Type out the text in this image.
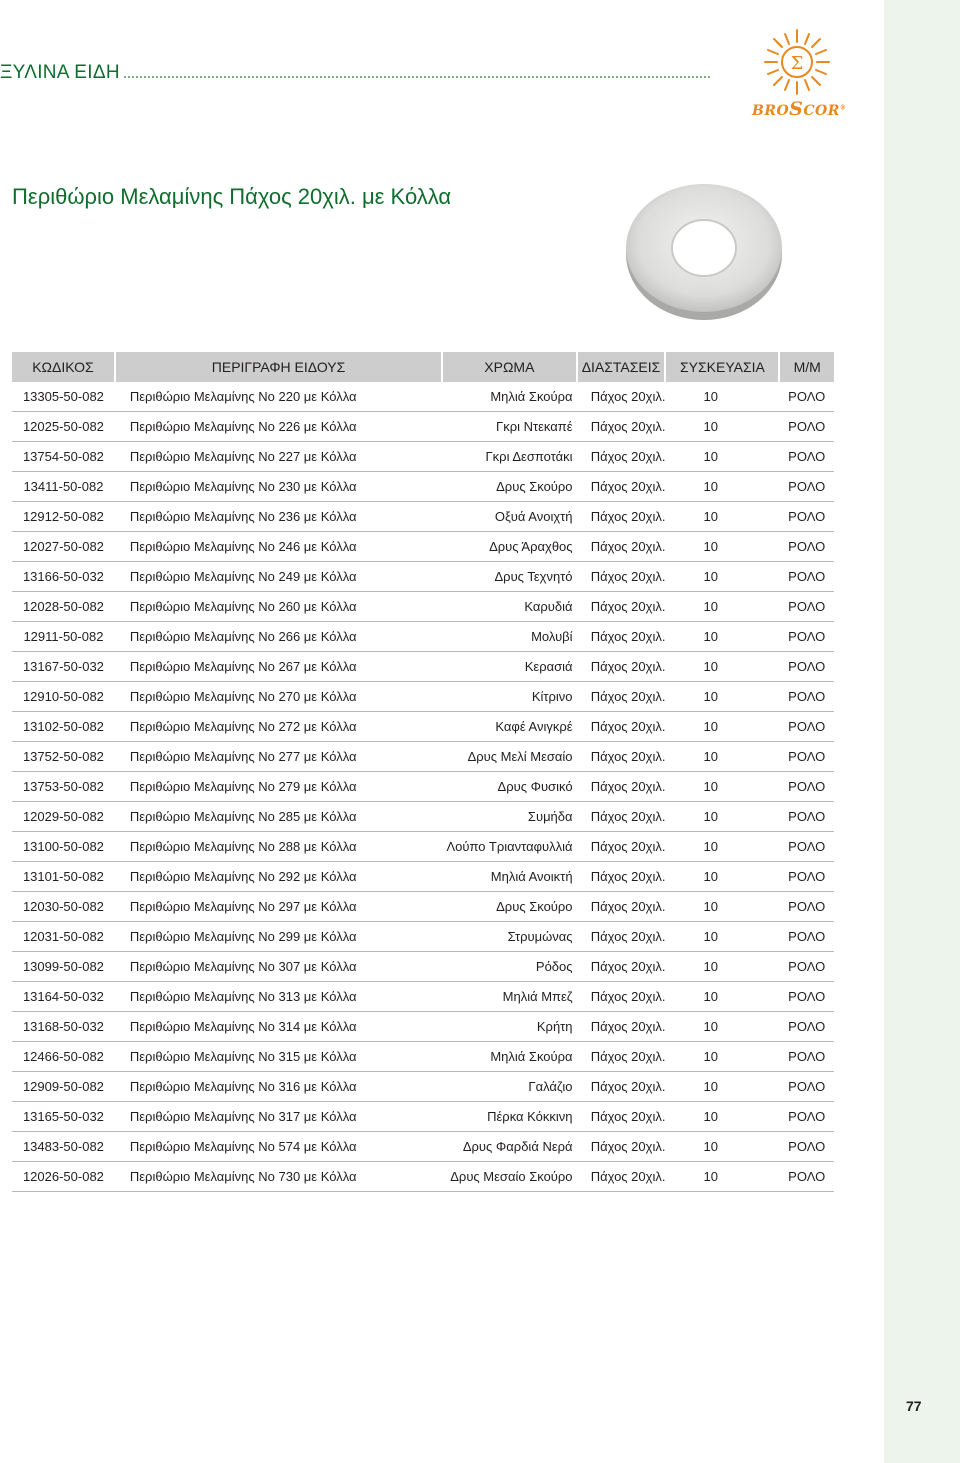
ΞΥΛΙΝΑ ΕΙΔΗ	Σ
BROSCOR®
Περιθώριο Μελαμίνης Πάχος 20χιλ. με Κόλλα
ΚΩΔΙΚΟΣ	ΠΕΡΙΓΡΑΦΗ ΕΙΔΟΥΣ	ΧΡΩΜΑ	ΔΙΑΣΤΑΣΕΙΣ	ΣΥΣΚΕΥΑΣΙΑ	Μ/Μ
13305-50-082	Περιθώριο Μελαμίνης Νο 220 με Κόλλα	Μηλιά Σκούρα	Πάχος 20χιλ.	10	ΡΟΛΟ
12025-50-082	Περιθώριο Μελαμίνης Νο 226 με Κόλλα	Γκρι Ντεκαπέ	Πάχος 20χιλ.	10	ΡΟΛΟ
13754-50-082	Περιθώριο Μελαμίνης Νο 227 με Κόλλα	Γκρι Δεσποτάκι	Πάχος 20χιλ.	10	ΡΟΛΟ
13411-50-082	Περιθώριο Μελαμίνης Νο 230 με Κόλλα	Δρυς Σκούρο	Πάχος 20χιλ.	10	ΡΟΛΟ
12912-50-082	Περιθώριο Μελαμίνης Νο 236 με Κόλλα	Οξυά Ανοιχτή	Πάχος 20χιλ.	10	ΡΟΛΟ
12027-50-082	Περιθώριο Μελαμίνης Νο 246 με Κόλλα	Δρυς Άραχθος	Πάχος 20χιλ.	10	ΡΟΛΟ
13166-50-032	Περιθώριο Μελαμίνης Νο 249 με Κόλλα	Δρυς Τεχνητό	Πάχος 20χιλ.	10	ΡΟΛΟ
12028-50-082	Περιθώριο Μελαμίνης Νο 260 με Κόλλα	Καρυδιά	Πάχος 20χιλ.	10	ΡΟΛΟ
12911-50-082	Περιθώριο Μελαμίνης Νο 266 με Κόλλα	Μολυβί	Πάχος 20χιλ.	10	ΡΟΛΟ
13167-50-032	Περιθώριο Μελαμίνης Νο 267 με Κόλλα	Κερασιά	Πάχος 20χιλ.	10	ΡΟΛΟ
12910-50-082	Περιθώριο Μελαμίνης Νο 270 με Κόλλα	Κίτρινο	Πάχος 20χιλ.	10	ΡΟΛΟ
13102-50-082	Περιθώριο Μελαμίνης Νο 272 με Κόλλα	Καφέ Ανιγκρέ	Πάχος 20χιλ.	10	ΡΟΛΟ
13752-50-082	Περιθώριο Μελαμίνης Νο 277 με Κόλλα	Δρυς Μελί Μεσαίο	Πάχος 20χιλ.	10	ΡΟΛΟ
13753-50-082	Περιθώριο Μελαμίνης Νο 279 με Κόλλα	Δρυς Φυσικό	Πάχος 20χιλ.	10	ΡΟΛΟ
12029-50-082	Περιθώριο Μελαμίνης Νο 285 με Κόλλα	Συμήδα	Πάχος 20χιλ.	10	ΡΟΛΟ
13100-50-082	Περιθώριο Μελαμίνης Νο 288 με Κόλλα	Λούπο Τριανταφυλλιά	Πάχος 20χιλ.	10	ΡΟΛΟ
13101-50-082	Περιθώριο Μελαμίνης Νο 292 με Κόλλα	Μηλιά Ανοικτή	Πάχος 20χιλ.	10	ΡΟΛΟ
12030-50-082	Περιθώριο Μελαμίνης Νο 297 με Κόλλα	Δρυς Σκούρο	Πάχος 20χιλ.	10	ΡΟΛΟ
12031-50-082	Περιθώριο Μελαμίνης Νο 299 με Κόλλα	Στρυμώνας	Πάχος 20χιλ.	10	ΡΟΛΟ
13099-50-082	Περιθώριο Μελαμίνης Νο 307 με Κόλλα	Ρόδος	Πάχος 20χιλ.	10	ΡΟΛΟ
13164-50-032	Περιθώριο Μελαμίνης Νο 313 με Κόλλα	Μηλιά Μπεζ	Πάχος 20χιλ.	10	ΡΟΛΟ
13168-50-032	Περιθώριο Μελαμίνης Νο 314 με Κόλλα	Κρήτη	Πάχος 20χιλ.	10	ΡΟΛΟ
12466-50-082	Περιθώριο Μελαμίνης Νο 315 με Κόλλα	Μηλιά Σκούρα	Πάχος 20χιλ.	10	ΡΟΛΟ
12909-50-082	Περιθώριο Μελαμίνης Νο 316 με Κόλλα	Γαλάζιο	Πάχος 20χιλ.	10	ΡΟΛΟ
13165-50-032	Περιθώριο Μελαμίνης Νο 317 με Κόλλα	Πέρκα Κόκκινη	Πάχος 20χιλ.	10	ΡΟΛΟ
13483-50-082	Περιθώριο Μελαμίνης Νο 574 με Κόλλα	Δρυς Φαρδιά Νερά	Πάχος 20χιλ.	10	ΡΟΛΟ
12026-50-082	Περιθώριο Μελαμίνης Νο 730 με Κόλλα	Δρυς Μεσαίο Σκούρο	Πάχος 20χιλ.	10	ΡΟΛΟ
77
